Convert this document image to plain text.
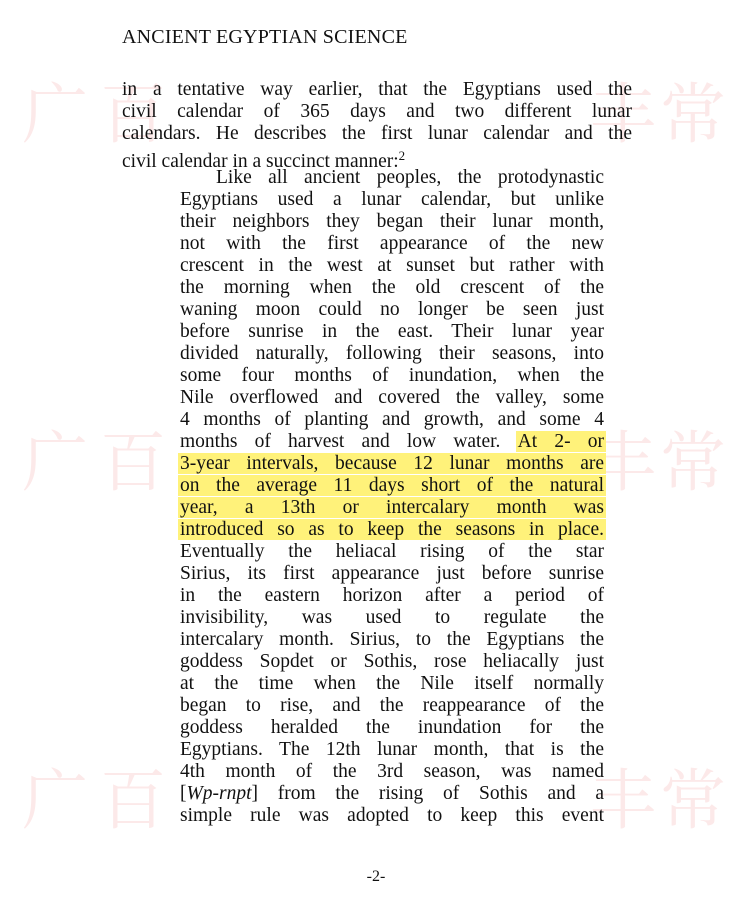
广 百	丰 常
广 百	丰 常
广 百	丰 常
ANCIENT EGYPTIAN SCIENCE
in a tentative way earlier, that the Egyptians used the
civil calendar of 365 days and two different lunar
calendars. He describes the first lunar calendar and the
civil calendar in a succinct manner:$^2$
Like all ancient peoples, the protodynastic
Egyptians used a lunar calendar, but unlike
their neighbors they began their lunar month,
not with the first appearance of the new
crescent in the west at sunset but rather with
the morning when the old crescent of the
waning moon could no longer be seen just
before sunrise in the east. Their lunar year
divided naturally, following their seasons, into
some four months of inundation, when the
Nile overflowed and covered the valley, some
4 months of planting and growth, and some 4
months of harvest and low water. At 2- or
3-year intervals, because 12 lunar months are
on the average 11 days short of the natural
year, a 13th or intercalary month was
introduced so as to keep the seasons in place.
Eventually the heliacal rising of the star
Sirius, its first appearance just before sunrise
in the eastern horizon after a period of
invisibility, was used to regulate the
intercalary month. Sirius, to the Egyptians the
goddess Sopdet or Sothis, rose heliacally just
at the time when the Nile itself normally
began to rise, and the reappearance of the
goddess heralded the inundation for the
Egyptians. The 12th lunar month, that is the
4th month of the 3rd season, was named
[Wp-rnpt] from the rising of Sothis and a
simple rule was adopted to keep this event
-2-
